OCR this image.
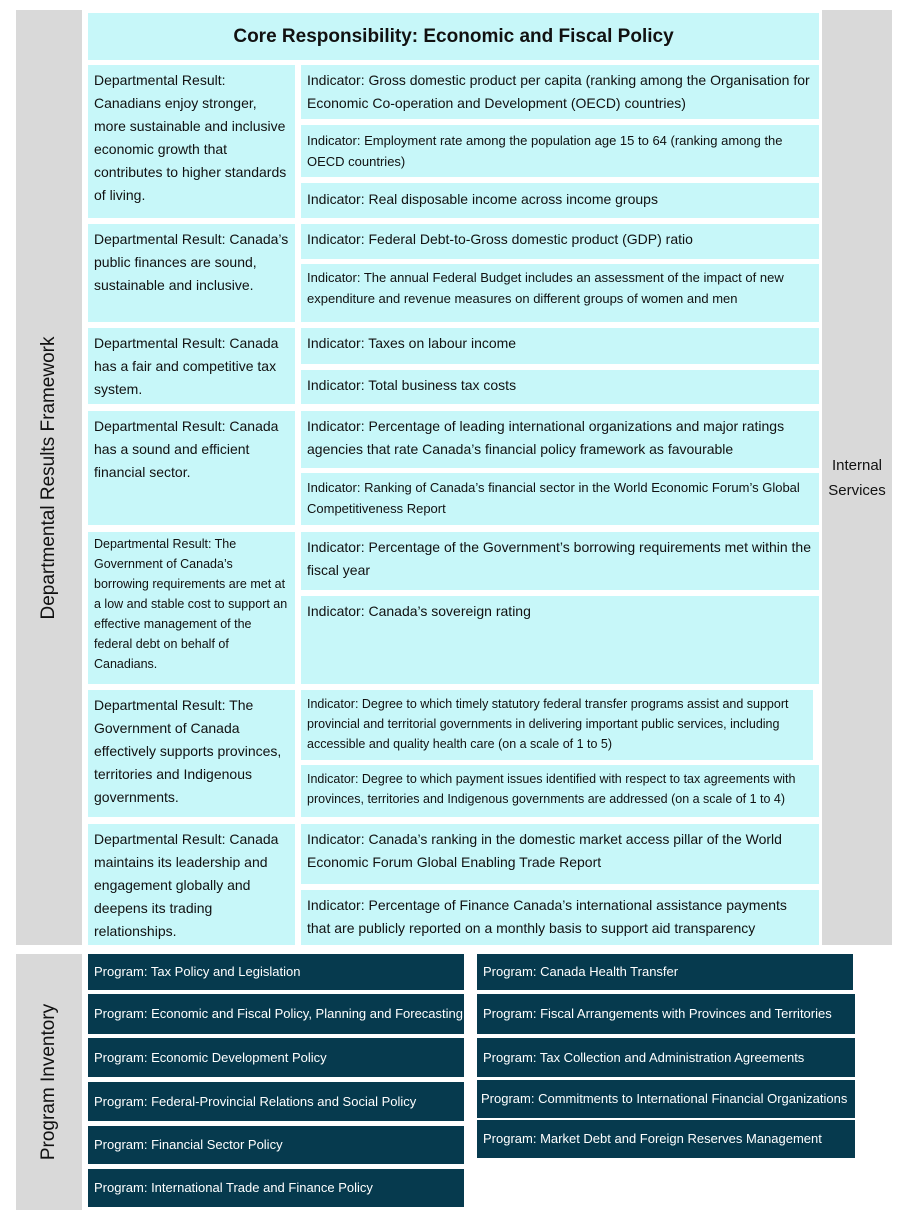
Departmental Results Framework
Program Inventory
Internal Services
Core Responsibility: Economic and Fiscal Policy
Departmental Result: Canadians enjoy stronger, more sustainable and inclusive economic growth that contributes to higher standards of living.
Indicator: Gross domestic product per capita (ranking among the Organisation for Economic Co-operation and Development (OECD) countries)
Indicator: Employment rate among the population age 15 to 64 (ranking among the OECD countries)
Indicator: Real disposable income across income groups
Departmental Result: Canada’s public finances are sound, sustainable and inclusive.
Indicator: Federal Debt-to-Gross domestic product (GDP) ratio
Indicator: The annual Federal Budget includes an assessment of the impact of new expenditure and revenue measures on different groups of women and men
Departmental Result: Canada has a fair and competitive tax system.
Indicator: Taxes on labour income
Indicator: Total business tax costs
Departmental Result: Canada has a sound and efficient financial sector.
Indicator: Percentage of leading international organizations and major ratings agencies that rate Canada’s financial policy framework as favourable
Indicator: Ranking of Canada’s financial sector in the World Economic Forum’s Global Competitiveness Report
Departmental Result: The Government of Canada’s borrowing requirements are met at a low and stable cost to support an effective management of the federal debt on behalf of Canadians.
Indicator: Percentage of the Government’s borrowing requirements met within the fiscal year
Indicator: Canada’s sovereign rating
Departmental Result: The Government of Canada effectively supports provinces, territories and Indigenous governments.
Indicator: Degree to which timely statutory federal transfer programs assist and support provincial and territorial governments in delivering important public services, including accessible and quality health care (on a scale of 1 to 5)
Indicator: Degree to which payment issues identified with respect to tax agreements with provinces, territories and Indigenous governments are addressed (on a scale of 1 to 4)
Departmental Result: Canada maintains its leadership and engagement globally and deepens its trading relationships.
Indicator: Canada’s ranking in the domestic market access pillar of the World Economic Forum Global Enabling Trade Report
Indicator: Percentage of Finance Canada’s international assistance payments that are publicly reported on a monthly basis to support aid transparency
Program: Tax Policy and Legislation
Program: Economic and Fiscal Policy, Planning and Forecasting
Program: Economic Development Policy
Program: Federal-Provincial Relations and Social Policy
Program: Financial Sector Policy
Program: International Trade and Finance Policy
Program: Canada Health Transfer
Program: Fiscal Arrangements with Provinces and Territories
Program: Tax Collection and Administration Agreements
Program: Commitments to International Financial Organizations
Program: Market Debt and Foreign Reserves Management
